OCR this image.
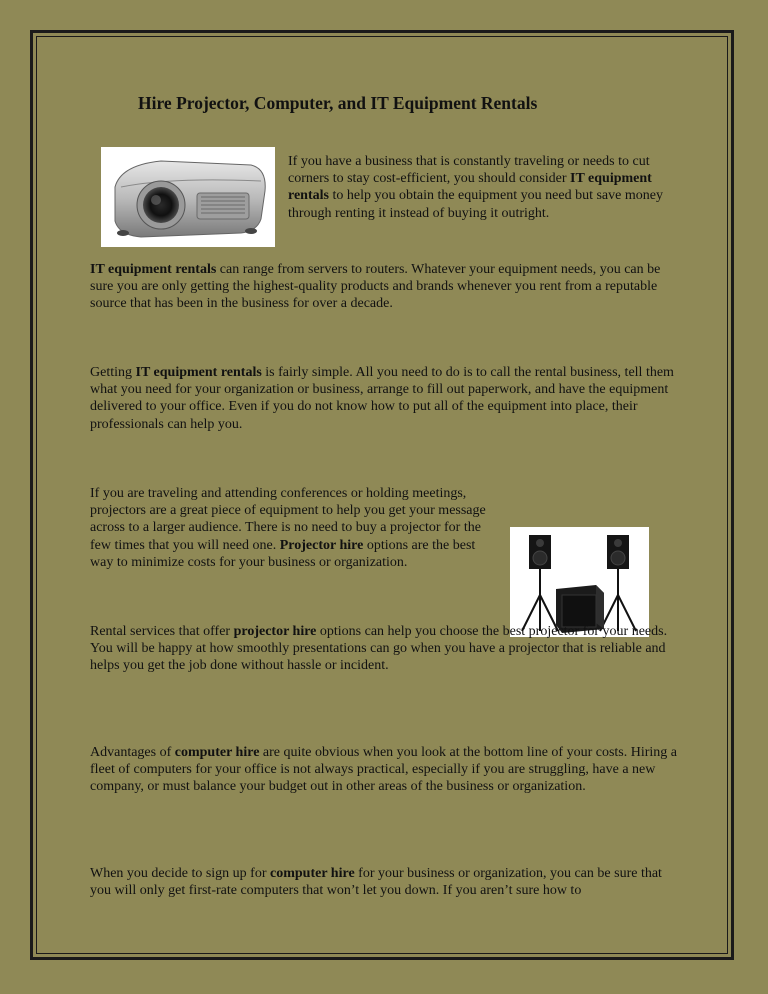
Hire Projector, Computer, and IT Equipment Rentals

If you have a business that is constantly traveling or needs to cut corners to stay cost-efficient, you should consider IT equipment rentals to help you obtain the equipment you need but save money through renting it instead of buying it outright.

IT equipment rentals can range from servers to routers. Whatever your equipment needs, you can be sure you are only getting the highest-quality products and brands whenever you rent from a reputable source that has been in the business for over a decade.

Getting IT equipment rentals is fairly simple. All you need to do is to call the rental business, tell them what you need for your organization or business, arrange to fill out paperwork, and have the equipment delivered to your office. Even if you do not know how to put all of the equipment into place, their professionals can help you.

If you are traveling and attending conferences or holding meetings, projectors are a great piece of equipment to help you get your message across to a larger audience. There is no need to buy a projector for the few times that you will need one. Projector hire options are the best way to minimize costs for your business or organization.

Rental services that offer projector hire options can help you choose the best projector for your needs. You will be happy at how smoothly presentations can go when you have a projector that is reliable and helps you get the job done without hassle or incident.

Advantages of computer hire are quite obvious when you look at the bottom line of your costs. Hiring a fleet of computers for your office is not always practical, especially if you are struggling, have a new company, or must balance your budget out in other areas of the business or organization.

When you decide to sign up for computer hire for your business or organization, you can be sure that you will only get first-rate computers that won’t let you down. If you aren’t sure how to
